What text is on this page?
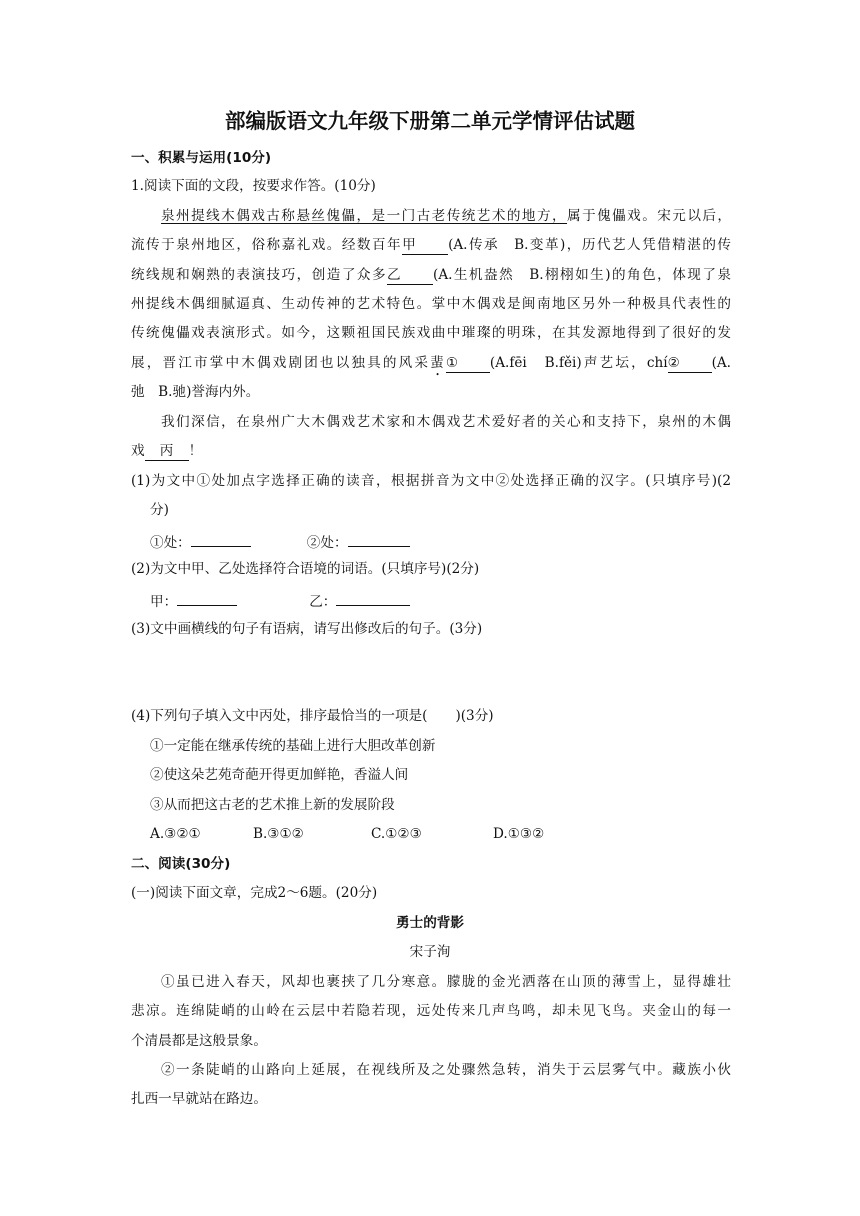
部编版语文九年级下册第二单元学情评估试题
一、积累与运用(10分)
1.阅读下面的文段，按要求作答。(10分)
泉州提线木偶戏古称悬丝傀儡，是一门古老传统艺术的地方，属于傀儡戏。宋元以后，
流传于泉州地区，俗称嘉礼戏。经数百年甲 (A.传承　B.变革)，历代艺人凭借精湛的传
统线规和娴熟的表演技巧，创造了众多乙 (A.生机盎然　B.栩栩如生)的角色，体现了泉
州提线木偶细腻逼真、生动传神的艺术特色。掌中木偶戏是闽南地区另外一种极具代表性的
传统傀儡戏表演形式。如今，这颗祖国民族戏曲中璀璨的明珠，在其发源地得到了很好的发
展，晋江市掌中木偶戏剧团也以独具的风采蜚① (A.fēi　B.fěi)声艺坛，chí② (A.
弛　B.驰)誉海内外。
我们深信，在泉州广大木偶戏艺术家和木偶戏艺术爱好者的关心和支持下，泉州的木偶
戏 丙 ！
(1)为文中①处加点字选择正确的读音，根据拼音为文中②处选择正确的汉字。(只填序号)(2
分)
①处：	②处：
(2)为文中甲、乙处选择符合语境的词语。(只填序号)(2分)
甲：	乙：
(3)文中画横线的句子有语病，请写出修改后的句子。(3分)
(4)下列句子填入文中丙处，排序最恰当的一项是( )(3分)
①一定能在继承传统的基础上进行大胆改革创新
②使这朵艺苑奇葩开得更加鲜艳，香溢人间
③从而把这古老的艺术推上新的发展阶段
A.③②①	B.③①②	C.①②③	D.①③②
二、阅读(30分)
(一)阅读下面文章，完成2～6题。(20分)
勇士的背影
宋子洵
①虽已进入春天，风却也裹挟了几分寒意。朦胧的金光洒落在山顶的薄雪上，显得雄壮
悲凉。连绵陡峭的山岭在云层中若隐若现，远处传来几声鸟鸣，却未见飞鸟。夹金山的每一
个清晨都是这般景象。
②一条陡峭的山路向上延展，在视线所及之处骤然急转，消失于云层雾气中。藏族小伙
扎西一早就站在路边。
